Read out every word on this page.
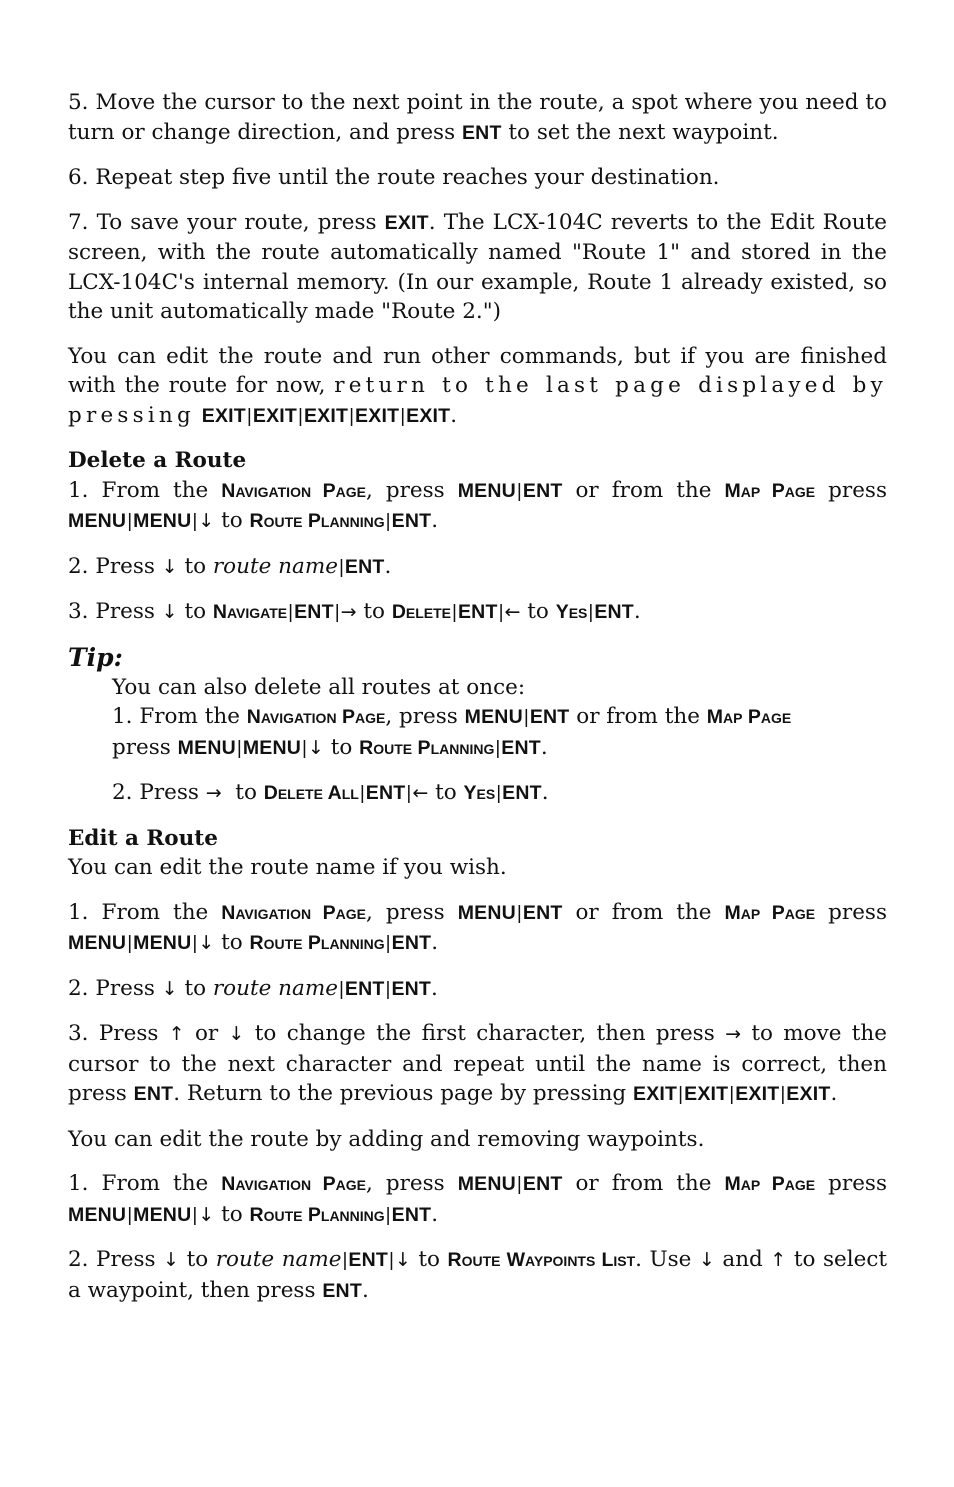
5. Move the cursor to the next point in the route, a spot where you need to turn or change direction, and press ENT to set the next waypoint.

6. Repeat step five until the route reaches your destination.

7. To save your route, press EXIT. The LCX-104C reverts to the Edit Route screen, with the route automatically named "Route 1" and stored in the LCX-104C's internal memory. (In our example, Route 1 already existed, so the unit automatically made "Route 2.")

You can edit the route and run other commands, but if you are finished with the route for now, return to the last page displayed by pressing EXIT|EXIT|EXIT|EXIT|EXIT.

Delete a Route

1. From the Navigation Page, press MENU|ENT or from the Map Page press MENU|MENU|↓ to Route Planning|ENT.

2. Press ↓ to route name|ENT.

3. Press ↓ to Navigate|ENT|→ to Delete|ENT|← to Yes|ENT.

Tip:

You can also delete all routes at once:

1. From the Navigation Page, press MENU|ENT or from the Map Page
press MENU|MENU|↓ to Route Planning|ENT.

2. Press →  to Delete All|ENT|← to Yes|ENT.

Edit a Route

You can edit the route name if you wish.

1. From the Navigation Page, press MENU|ENT or from the Map Page press MENU|MENU|↓ to Route Planning|ENT.

2. Press ↓ to route name|ENT|ENT.

3. Press ↑ or ↓ to change the first character, then press → to move the cursor to the next character and repeat until the name is correct, then press ENT. Return to the previous page by pressing EXIT|EXIT|EXIT|EXIT.

You can edit the route by adding and removing waypoints.

1. From the Navigation Page, press MENU|ENT or from the Map Page press MENU|MENU|↓ to Route Planning|ENT.

2. Press ↓ to route name|ENT|↓ to Route Waypoints List. Use ↓ and ↑ to select a waypoint, then press ENT.
